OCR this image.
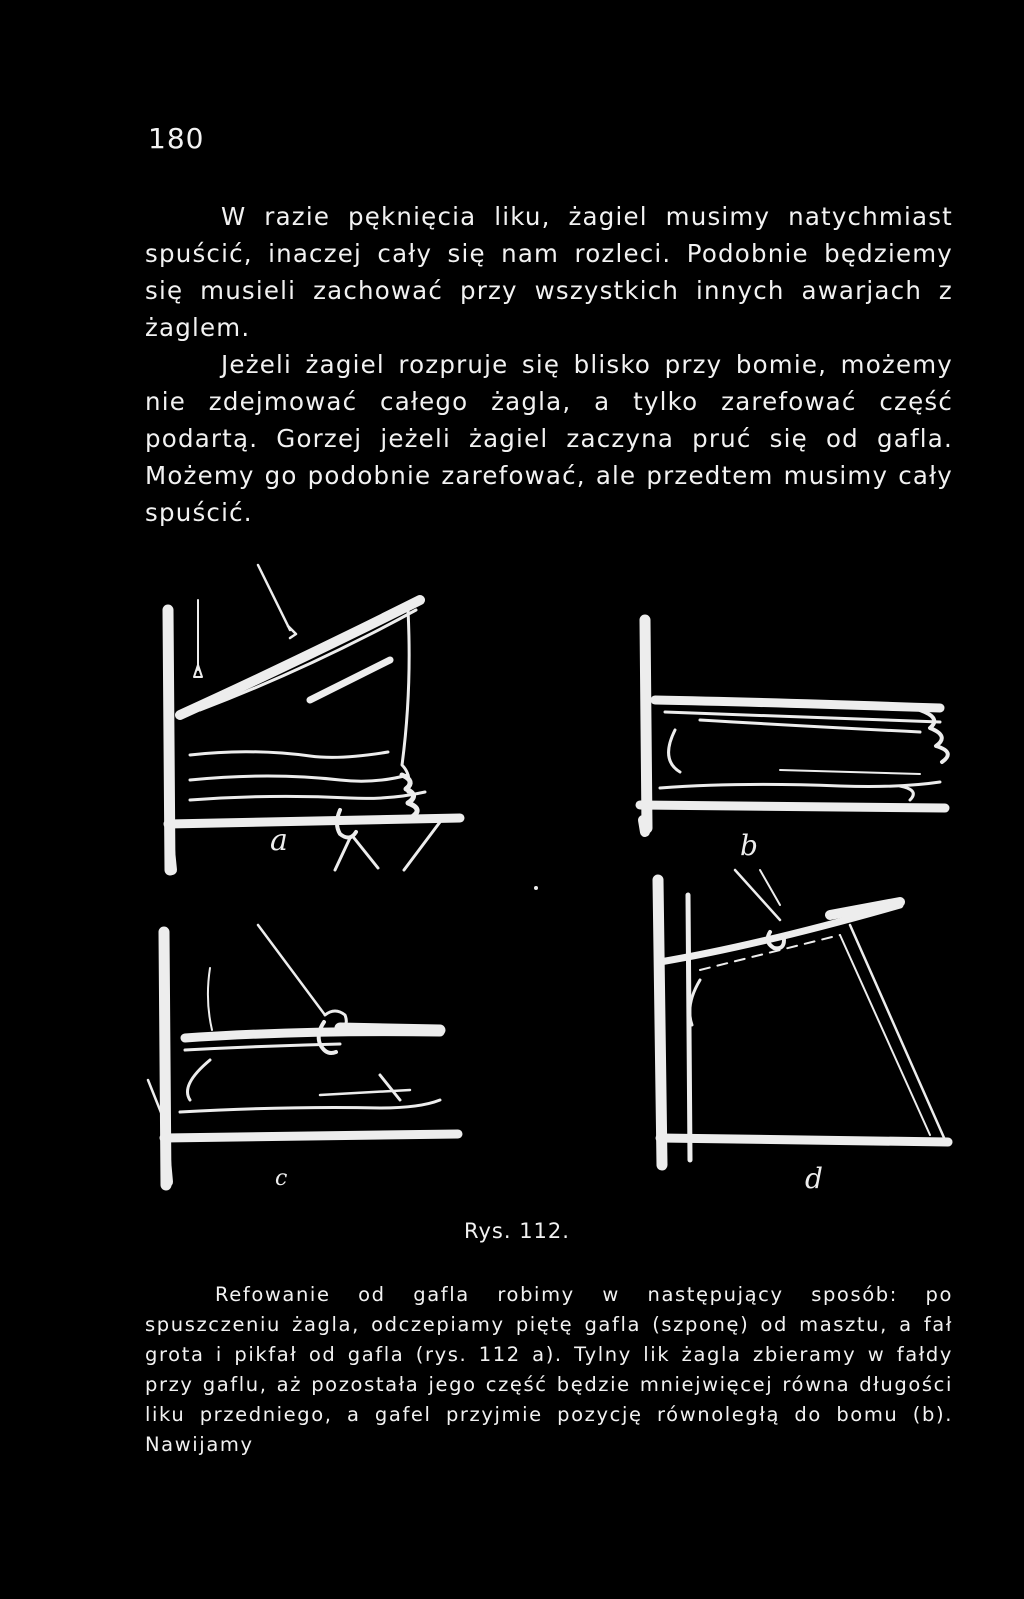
180

W razie pęknięcia liku, żagiel musimy natychmiast spuścić, inaczej cały się nam rozleci. Podobnie będziemy się musieli zachować przy wszystkich innych awarjach z żaglem.

Jeżeli żagiel rozpruje się blisko przy bomie, możemy nie zdejmować całego żagla, a tylko zarefować część podartą. Gorzej jeżeli żagiel zaczyna pruć się od gafla. Możemy go podobnie zarefować, ale przedtem musimy cały spuścić.

a	b
c	d
Rys. 112.

Refowanie od gafla robimy w następujący sposób: po spuszczeniu żagla, odczepiamy piętę gafla (szponę) od masztu, a fał grota i pikfał od gafla (rys. 112 a). Tylny lik żagla zbieramy w fałdy przy gaflu, aż pozostała jego część będzie mniejwięcej równa długości liku przedniego, a gafel przyjmie pozycję równoległą do bomu (b). Nawijamy
